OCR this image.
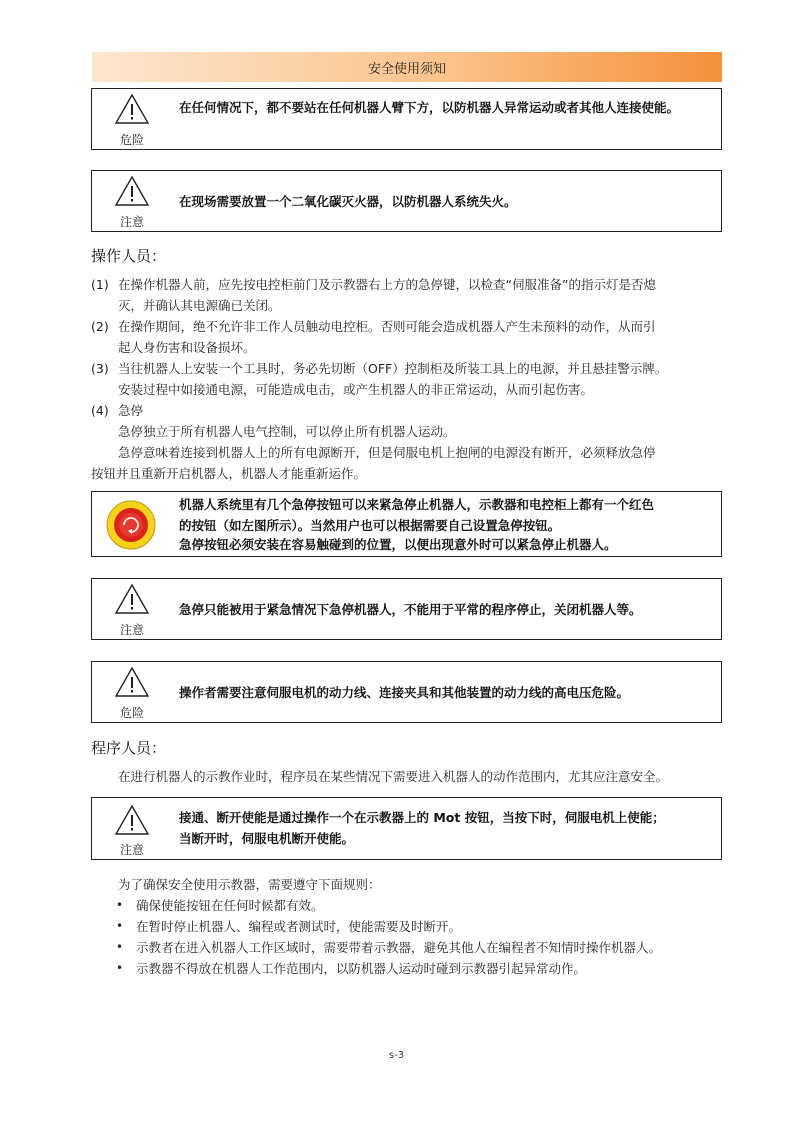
安全使用须知
危险
在任何情况下，都不要站在任何机器人臂下方，以防机器人异常运动或者其他人连接使能。
注意
在现场需要放置一个二氧化碳灭火器，以防机器人系统失火。
操作人员：
(1) 在操作机器人前，应先按电控柜前门及示教器右上方的急停键，以检查“伺服准备”的指示灯是否熄
灭，并确认其电源确已关闭。
(2) 在操作期间，绝不允许非工作人员触动电控柜。否则可能会造成机器人产生未预料的动作，从而引
起人身伤害和设备损坏。
(3) 当往机器人上安装一个工具时，务必先切断（OFF）控制柜及所装工具上的电源，并且悬挂警示牌。
安装过程中如接通电源，可能造成电击，或产生机器人的非正常运动，从而引起伤害。
(4) 急停
急停独立于所有机器人电气控制，可以停止所有机器人运动。
急停意味着连接到机器人上的所有电源断开，但是伺服电机上抱闸的电源没有断开，必须释放急停
按钮并且重新开启机器人，机器人才能重新运作。
机器人系统里有几个急停按钮可以来紧急停止机器人，示教器和电控柜上都有一个红色
的按钮（如左图所示）。当然用户也可以根据需要自己设置急停按钮。
急停按钮必须安装在容易触碰到的位置，以便出现意外时可以紧急停止机器人。
注意
急停只能被用于紧急情况下急停机器人，不能用于平常的程序停止，关闭机器人等。
危险
操作者需要注意伺服电机的动力线、连接夹具和其他装置的动力线的高电压危险。
程序人员：
在进行机器人的示教作业时，程序员在某些情况下需要进入机器人的动作范围内，尤其应注意安全。
注意
接通、断开使能是通过操作一个在示教器上的 Mot 按钮，当按下时，伺服电机上使能；
当断开时，伺服电机断开使能。
为了确保安全使用示教器，需要遵守下面规则：
• 确保使能按钮在任何时候都有效。
• 在暂时停止机器人、编程或者测试时，使能需要及时断开。
• 示教者在进入机器人工作区域时，需要带着示教器，避免其他人在编程者不知情时操作机器人。
• 示教器不得放在机器人工作范围内，以防机器人运动时碰到示教器引起异常动作。
s-3
